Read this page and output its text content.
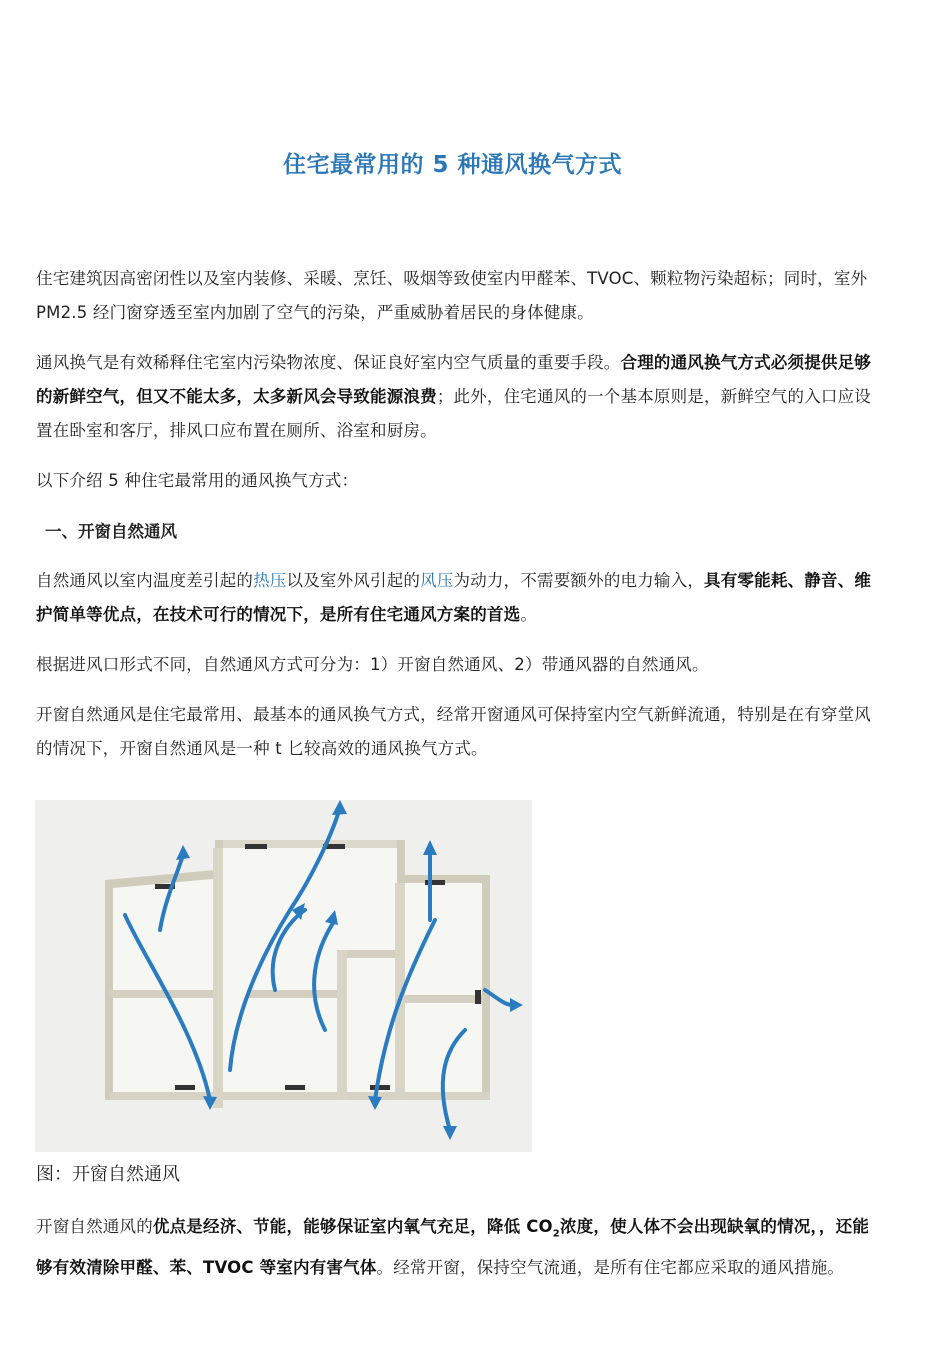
住宅最常用的 5 种通风换气方式
住宅建筑因高密闭性以及室内装修、采暖、烹饪、吸烟等致使室内甲醛苯、TVOC、颗粒物污染超标；同时，室外 PM2.5 经门窗穿透至室内加剧了空气的污染，严重威胁着居民的身体健康。
通风换气是有效稀释住宅室内污染物浓度、保证良好室内空气质量的重要手段。合理的通风换气方式必须提供足够的新鲜空气，但又不能太多，太多新风会导致能源浪费；此外，住宅通风的一个基本原则是，新鲜空气的入口应设置在卧室和客厅，排风口应布置在厕所、浴室和厨房。
以下介绍 5 种住宅最常用的通风换气方式：
一、开窗自然通风
自然通风以室内温度差引起的热压以及室外风引起的风压为动力，不需要额外的电力输入，具有零能耗、静音、维护简单等优点，在技术可行的情况下，是所有住宅通风方案的首选。
根据进风口形式不同，自然通风方式可分为：1）开窗自然通风、2）带通风器的自然通风。
开窗自然通风是住宅最常用、最基本的通风换气方式，经常开窗通风可保持室内空气新鲜流通，特别是在有穿堂风的情况下，开窗自然通风是一种 t 匕较高效的通风换气方式。
图：开窗自然通风
开窗自然通风的优点是经济、节能，能够保证室内氧气充足，降低 $CO_2$浓度，使人体不会出现缺氧的情况，，还能够有效清除甲醛、苯、TVOC 等室内有害气体。经常开窗，保持空气流通，是所有住宅都应采取的通风措施。
